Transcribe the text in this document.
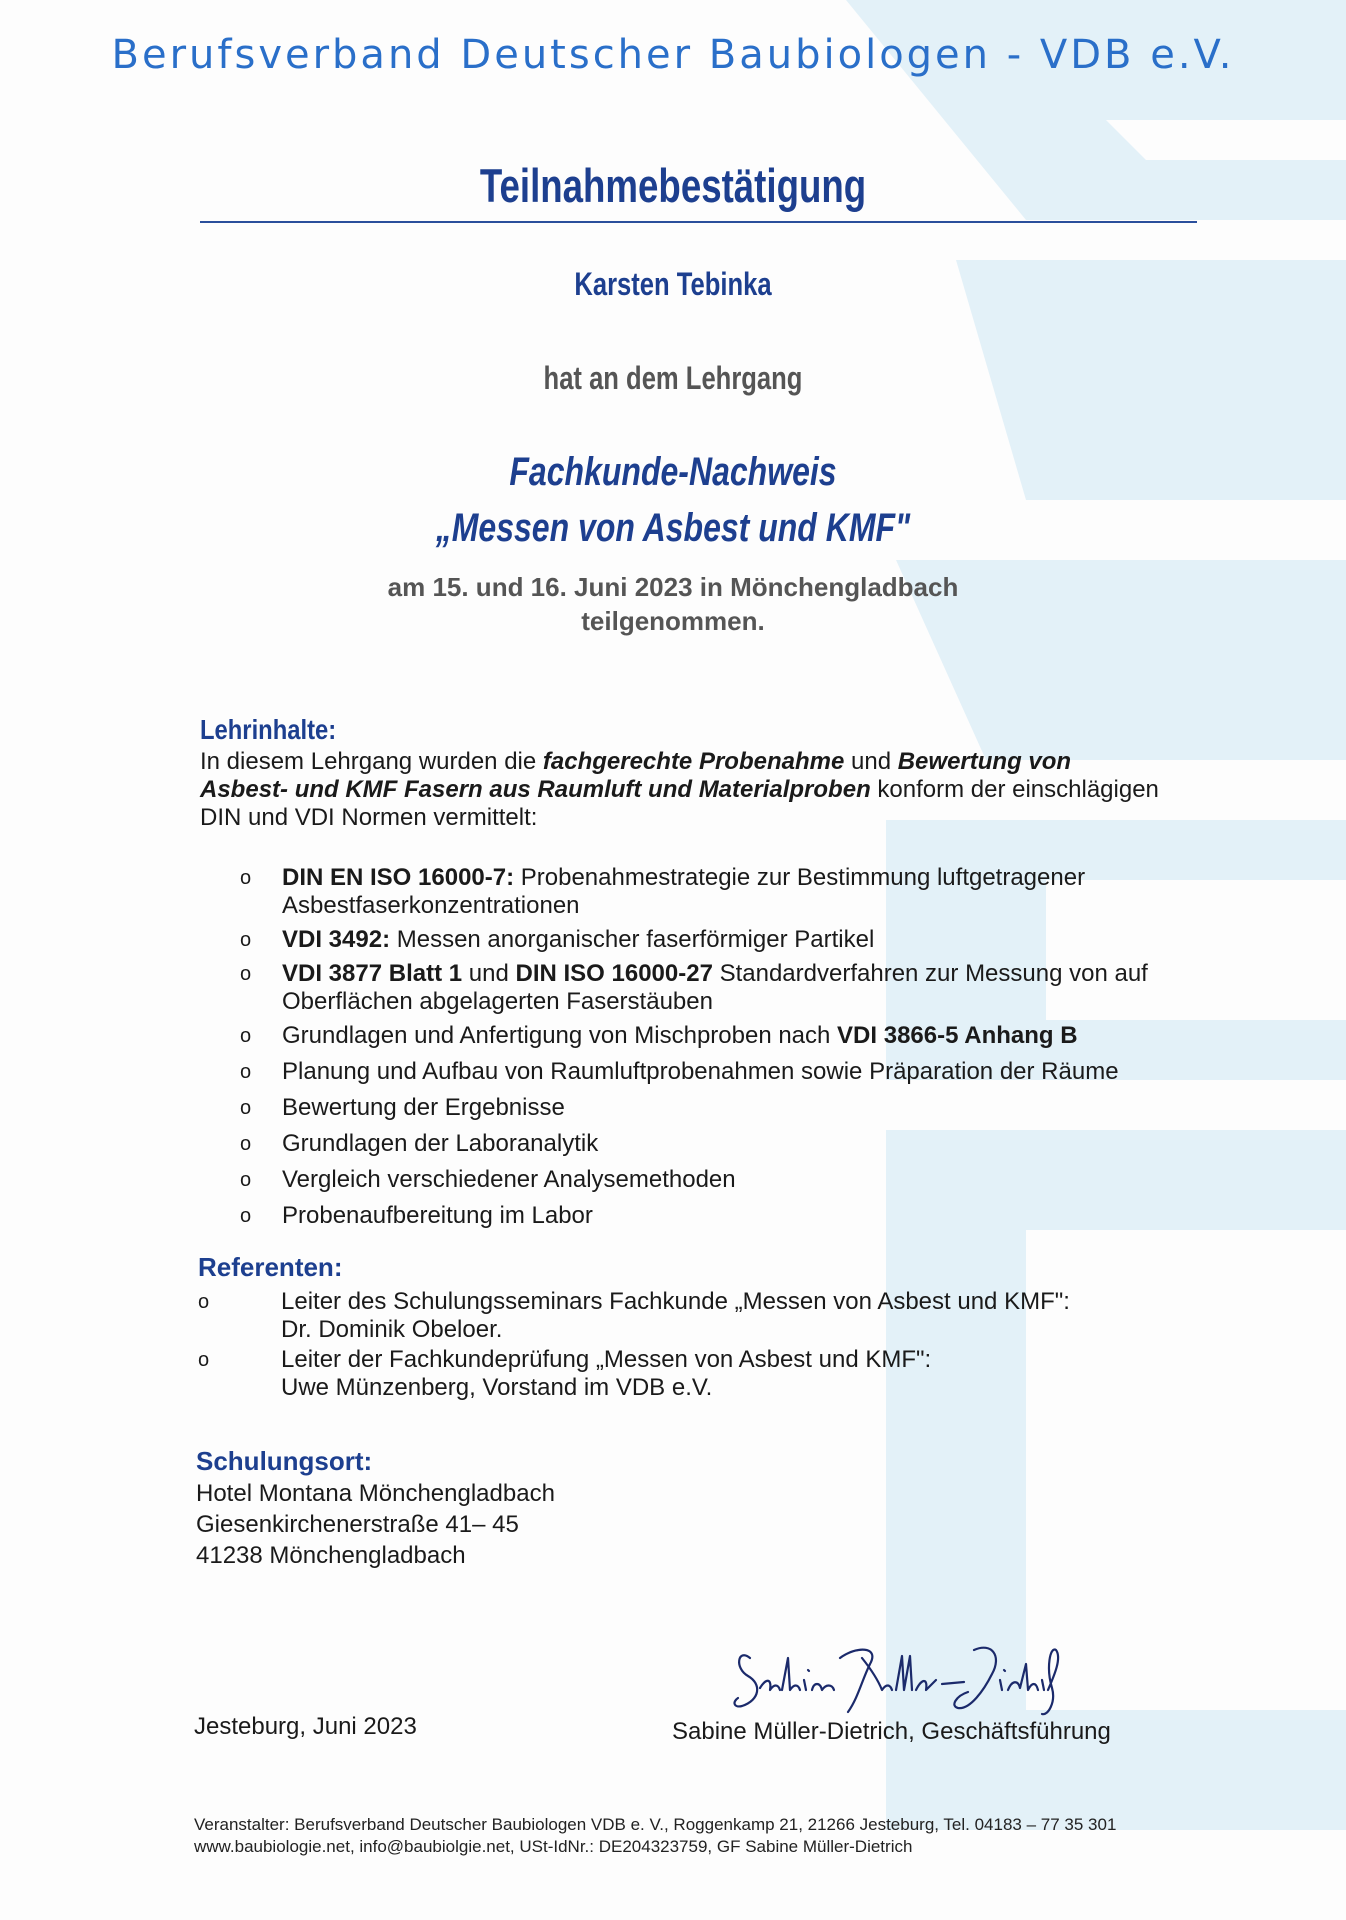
Berufsverband Deutscher Baubiologen - VDB e.V.
Teilnahmebestätigung
Karsten Tebinka
hat an dem Lehrgang
Fachkunde-Nachweis
„Messen von Asbest und KMF"
am 15. und 16. Juni 2023 in Mönchengladbach
teilgenommen.
Lehrinhalte:
In diesem Lehrgang wurden die fachgerechte Probenahme und Bewertung von Asbest- und KMF Fasern aus Raumluft und Materialproben konform der einschlägigen DIN und VDI Normen vermittelt:
o DIN EN ISO 16000-7: Probenahmestrategie zur Bestimmung luftgetragener Asbestfaserkonzentrationen
o VDI 3492: Messen anorganischer faserförmiger Partikel
o VDI 3877 Blatt 1 und DIN ISO 16000-27 Standardverfahren zur Messung von auf Oberflächen abgelagerten Faserstäuben
o Grundlagen und Anfertigung von Mischproben nach VDI 3866-5 Anhang B
o Planung und Aufbau von Raumluftprobenahmen sowie Präparation der Räume
o Bewertung der Ergebnisse
o Grundlagen der Laboranalytik
o Vergleich verschiedener Analysemethoden
o Probenaufbereitung im Labor
Referenten:
o	Leiter des Schulungsseminars Fachkunde „Messen von Asbest und KMF":
Dr. Dominik Obeloer.
o	Leiter der Fachkundeprüfung „Messen von Asbest und KMF":
Uwe Münzenberg, Vorstand im VDB e.V.
Schulungsort:
Hotel Montana Mönchengladbach
Giesenkirchenerstraße 41– 45
41238 Mönchengladbach
Jesteburg, Juni 2023	Sabine Müller-Dietrich, Geschäftsführung
Veranstalter: Berufsverband Deutscher Baubiologen VDB e. V., Roggenkamp 21, 21266 Jesteburg, Tel. 04183 – 77 35 301
www.baubiologie.net, info@baubiolgie.net, USt-IdNr.: DE204323759, GF Sabine Müller-Dietrich
